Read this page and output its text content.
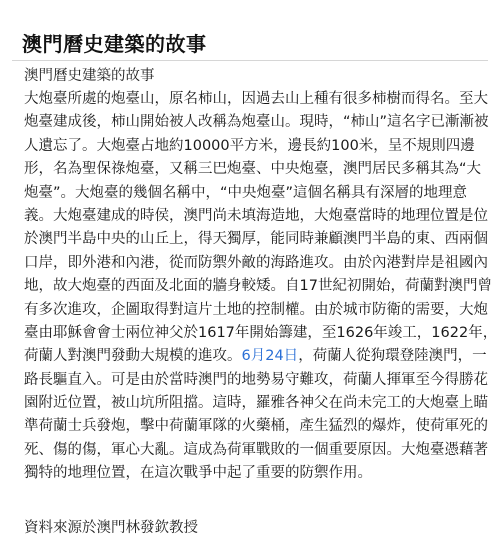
澳門曆史建築的故事
澳門曆史建築的故事
大炮臺所處的炮臺山，原名柿山，因過去山上種有很多柿樹而得名。至大
炮臺建成後，柿山開始被人改稱為炮臺山。現時，“柿山”這名字已漸漸被
人遺忘了。大炮臺占地約10000平方米，邊長約100米，呈不規則四邊
形，名為聖保祿炮臺，又稱三巴炮臺、中央炮臺，澳門居民多稱其為“大
炮臺”。大炮臺的幾個名稱中，“中央炮臺”這個名稱具有深層的地理意
義。大炮臺建成的時侯，澳門尚未填海造地，大炮臺當時的地理位置是位
於澳門半島中央的山丘上，得天獨厚，能同時兼顧澳門半島的東、西兩個
口岸，即外港和內港，從而防禦外敵的海路進攻。由於內港對岸是祖國內
地，故大炮臺的西面及北面的牆身較矮。自17世紀初開始，荷蘭對澳門曾
有多次進攻，企圖取得對這片土地的控制權。由於城市防衛的需要，大炮
臺由耶穌會會士兩位神父於1617年開始籌建，至1626年竣工，1622年，
荷蘭人對澳門發動大規模的進攻。6月24日，荷蘭人從狗環登陸澳門，一
路長驅直入。可是由於當時澳門的地勢易守難攻，荷蘭人揮軍至今得勝花
園附近位置，被山坑所阻擋。這時，羅雅各神父在尚未完工的大炮臺上瞄
準荷蘭士兵發炮，擊中荷蘭軍隊的火藥桶，產生猛烈的爆炸，使荷軍死的
死、傷的傷，軍心大亂。這成為荷軍戰敗的一個重要原因。大炮臺憑藉著
獨特的地理位置，在這次戰爭中起了重要的防禦作用。
資料來源於澳門林發欽教授
